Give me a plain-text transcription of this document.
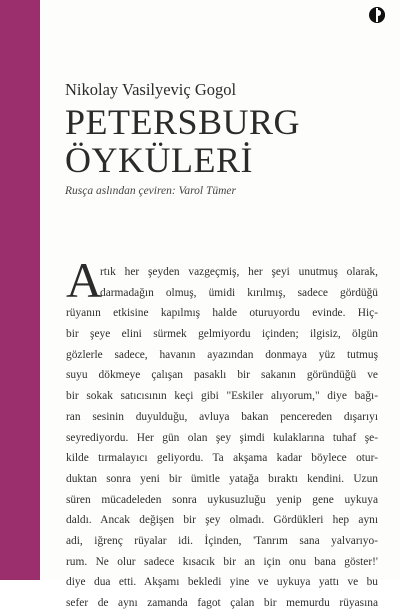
Nikolay Vasilyeviç Gogol
PETERSBURG
ÖYKÜLERİ
Rusça aslından çeviren: Varol Tümer
A
rtık her şeyden vazgeçmiş, her şeyi unutmuş olarak,
darmadağın olmuş, ümidi kırılmış, sadece gördüğü
rüyanın etkisine kapılmış halde oturuyordu evinde. Hiç-
bir şeye elini sürmek gelmiyordu içinden; ilgisiz, ölgün
gözlerle sadece, havanın ayazından donmaya yüz tutmuş
suyu dökmeye çalışan pasaklı bir sakanın göründüğü ve
bir sokak satıcısının keçi gibi "Eskiler alıyorum," diye bağı-
ran sesinin duyulduğu, avluya bakan pencereden dışarıyı
seyrediyordu. Her gün olan şey şimdi kulaklarına tuhaf şe-
kilde tırmalayıcı geliyordu. Ta akşama kadar böylece otur-
duktan sonra yeni bir ümitle yatağa bıraktı kendini. Uzun
süren mücadeleden sonra uykusuzluğu yenip gene uykuya
daldı. Ancak değişen bir şey olmadı. Gördükleri hep aynı
adi, iğrenç rüyalar idi. İçinden, 'Tanrım sana yalvarıyo-
rum. Ne olur sadece kısacık bir an için onu bana göster!'
diye dua etti. Akşamı bekledi yine ve uykuya yattı ve bu
sefer de aynı zamanda fagot çalan bir memurdu rüyasına
